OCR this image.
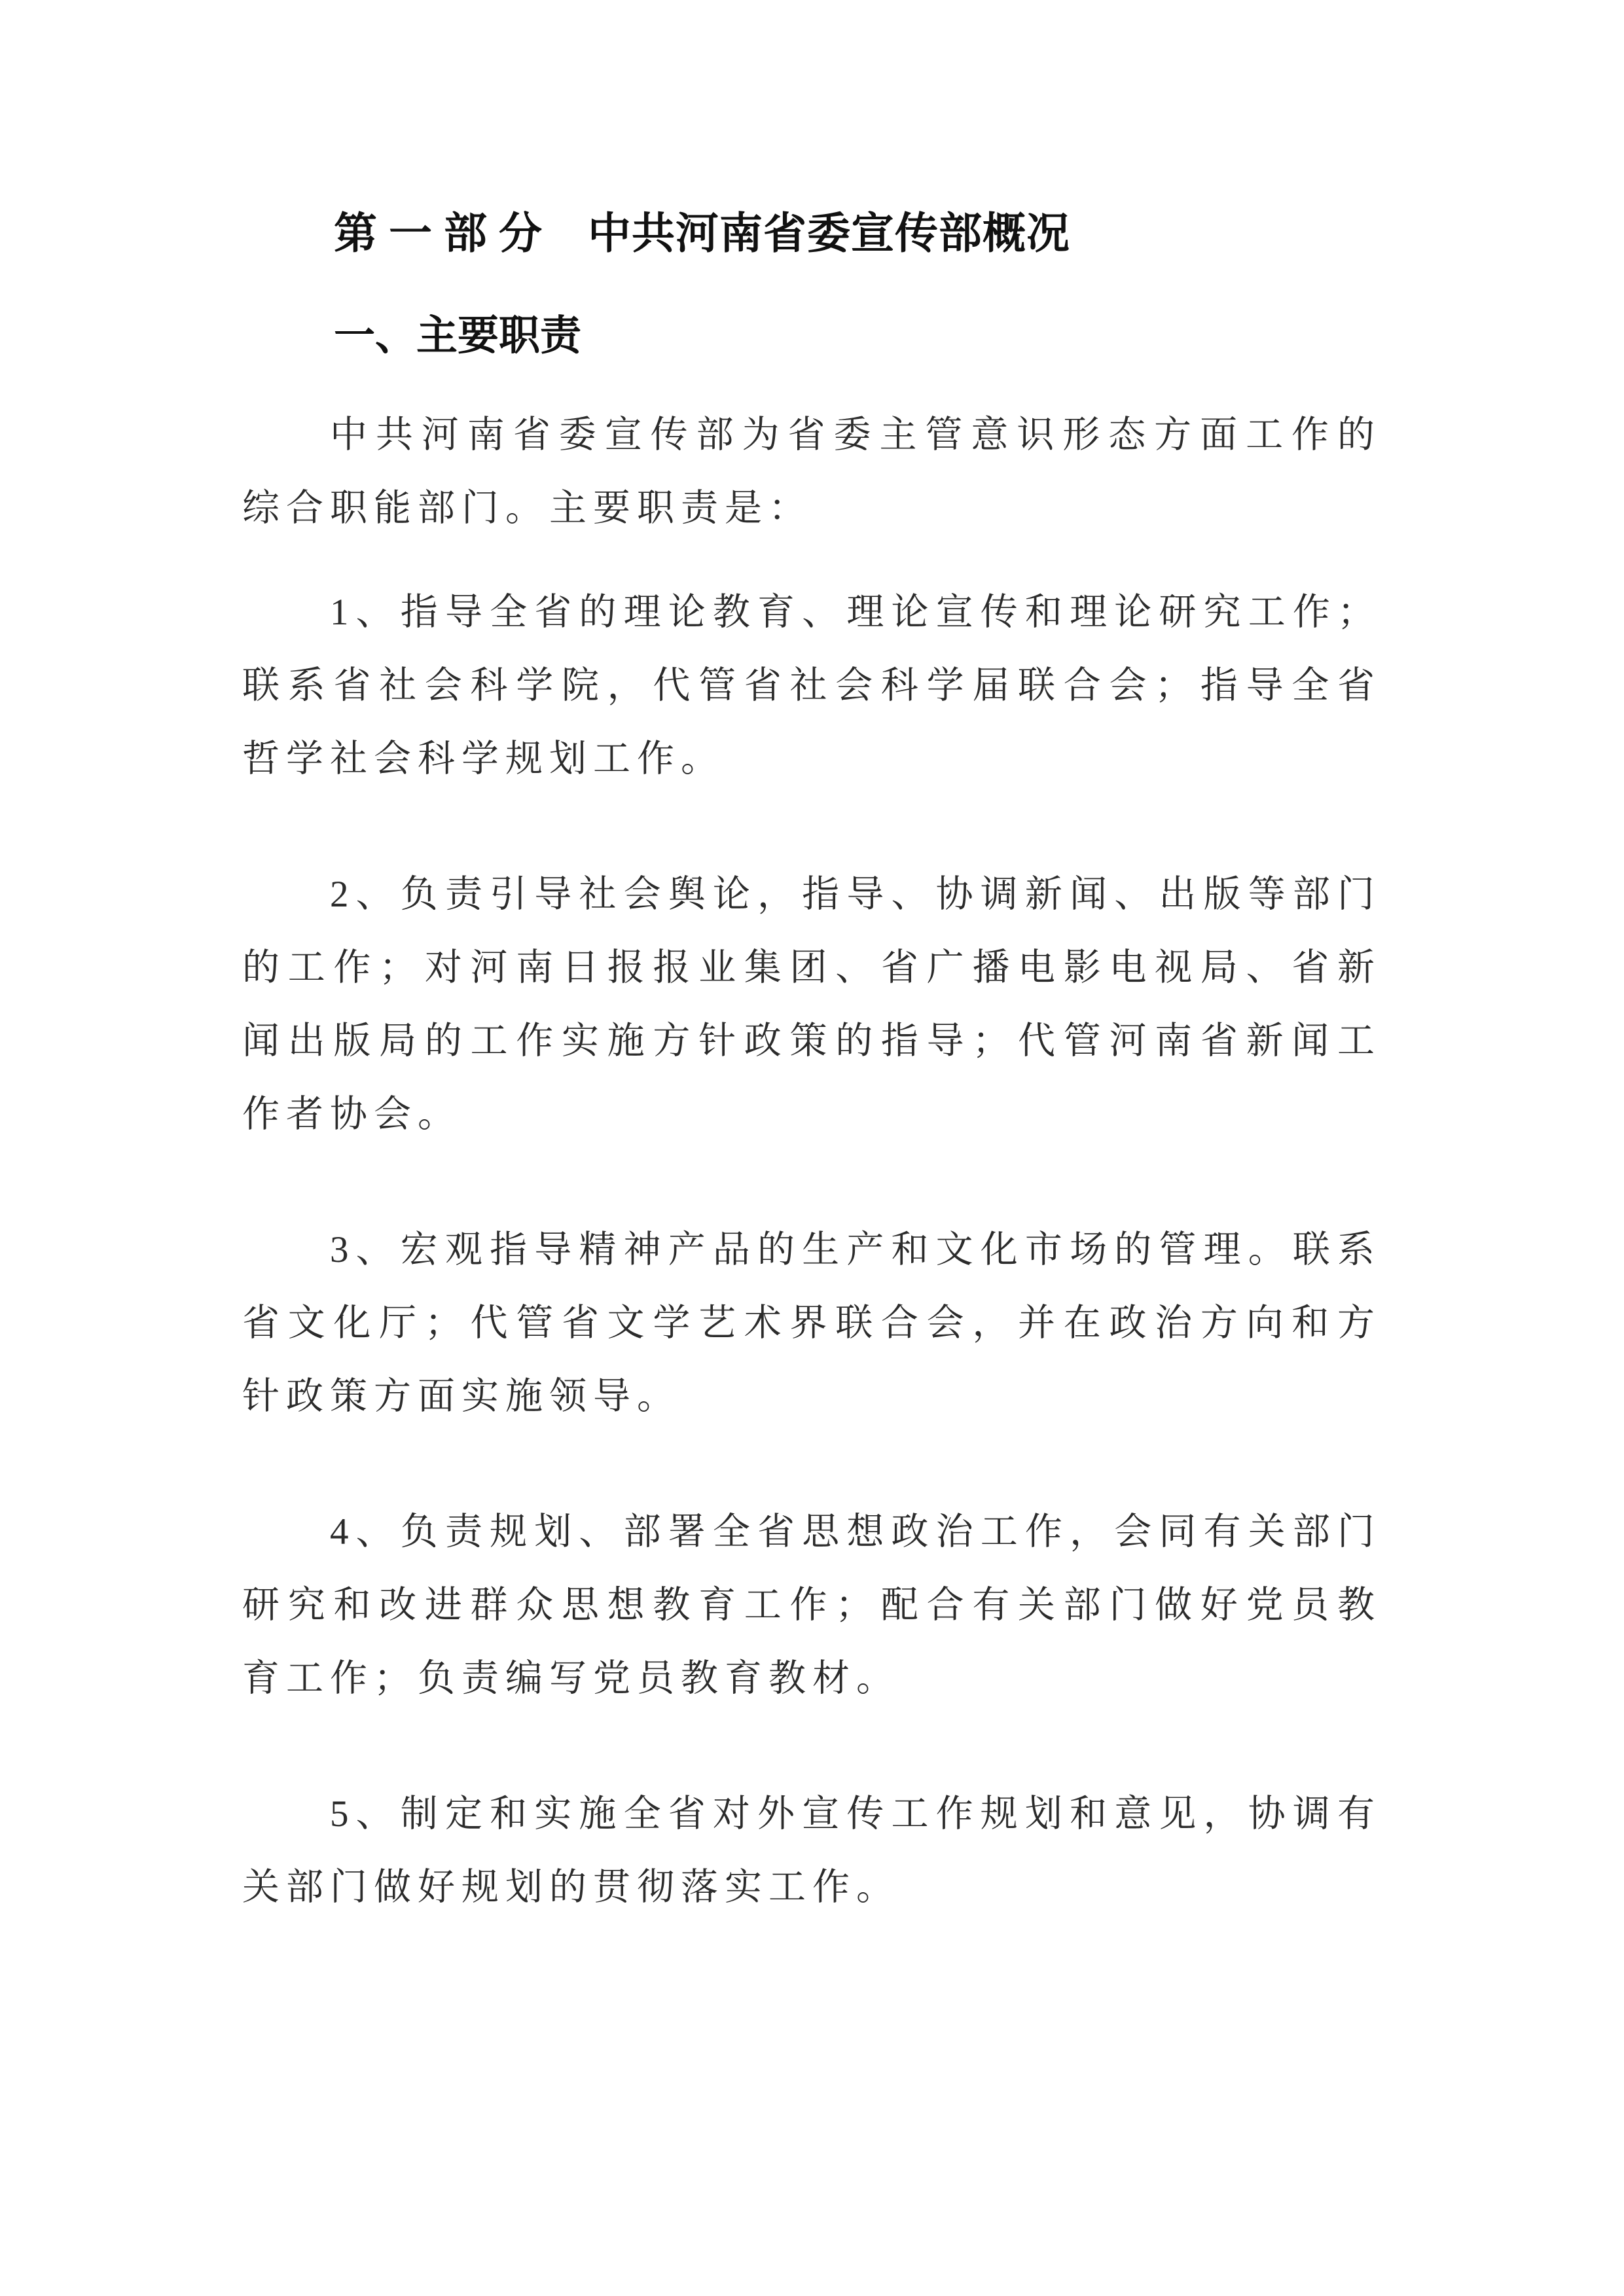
第一部分 中共河南省委宣传部概况
一、主要职责

中共河南省委宣传部为省委主管意识形态方面工作的综合职能部门。主要职责是：

1、指导全省的理论教育、理论宣传和理论研究工作；联系省社会科学院，代管省社会科学届联合会；指导全省哲学社会科学规划工作。

2、负责引导社会舆论，指导、协调新闻、出版等部门的工作；对河南日报报业集团、省广播电影电视局、省新闻出版局的工作实施方针政策的指导；代管河南省新闻工作者协会。

3、宏观指导精神产品的生产和文化市场的管理。联系省文化厅；代管省文学艺术界联合会，并在政治方向和方针政策方面实施领导。

4、负责规划、部署全省思想政治工作，会同有关部门研究和改进群众思想教育工作；配合有关部门做好党员教育工作；负责编写党员教育教材。

5、制定和实施全省对外宣传工作规划和意见，协调有关部门做好规划的贯彻落实工作。
